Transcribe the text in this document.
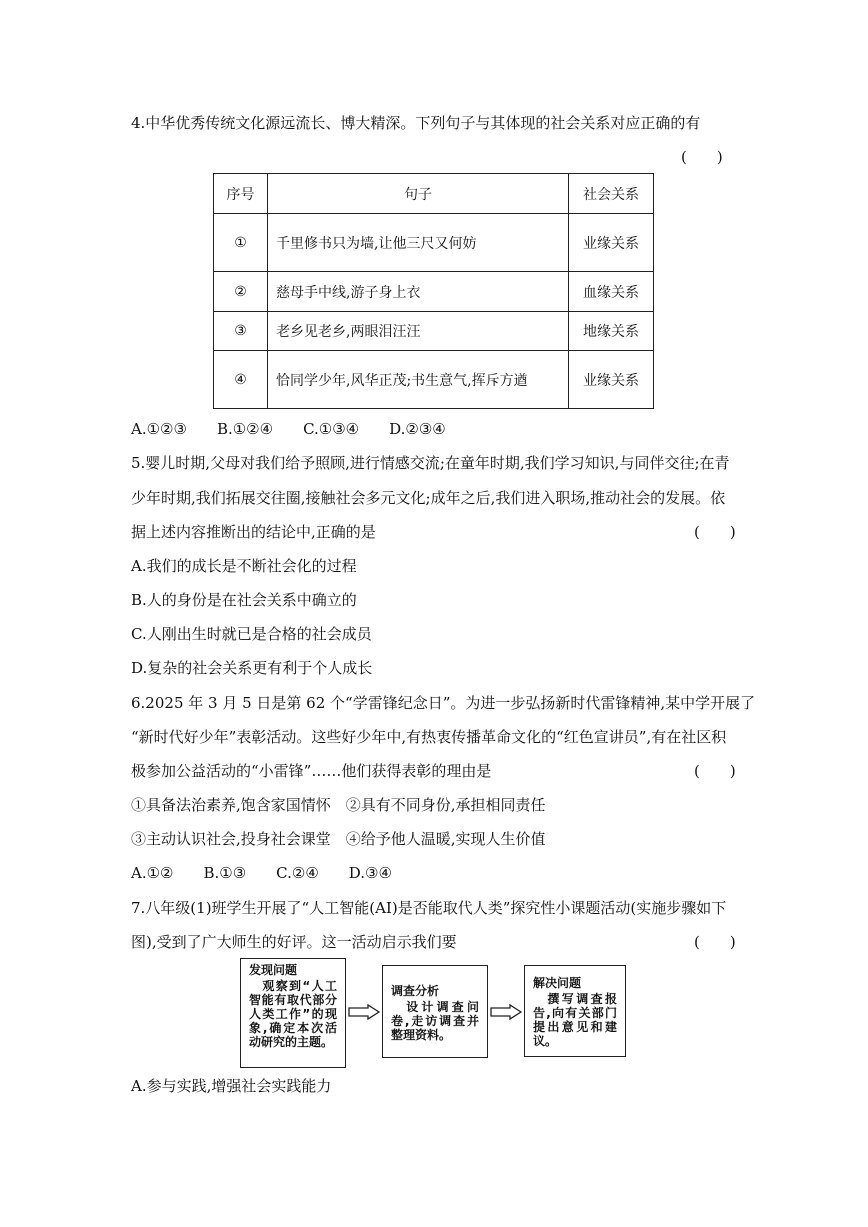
4.中华优秀传统文化源远流长、博大精深。下列句子与其体现的社会关系对应正确的有
(　　)
序号	句子	社会关系
①	千里修书只为墙,让他三尺又何妨	业缘关系
②	慈母手中线,游子身上衣	血缘关系
③	老乡见老乡,两眼泪汪汪	地缘关系
④	恰同学少年,风华正茂;书生意气,挥斥方遒	业缘关系
A.①②③　　B.①②④　　C.①③④　　D.②③④
5.婴儿时期,父母对我们给予照顾,进行情感交流;在童年时期,我们学习知识,与同伴交往;在青
少年时期,我们拓展交往圈,接触社会多元文化;成年之后,我们进入职场,推动社会的发展。依
据上述内容推断出的结论中,正确的是	(　　)
A.我们的成长是不断社会化的过程
B.人的身份是在社会关系中确立的
C.人刚出生时就已是合格的社会成员
D.复杂的社会关系更有利于个人成长
6.2025 年 3 月 5 日是第 62 个“学雷锋纪念日”。为进一步弘扬新时代雷锋精神,某中学开展了
“新时代好少年”表彰活动。这些好少年中,有热衷传播革命文化的“红色宣讲员”,有在社区积
极参加公益活动的“小雷锋”……他们获得表彰的理由是	(　　)
①具备法治素养,饱含家国情怀　②具有不同身份,承担相同责任
③主动认识社会,投身社会课堂　④给予他人温暖,实现人生价值
A.①②　　B.①③　　C.②④　　D.③④
7.八年级(1)班学生开展了“人工智能(AI)是否能取代人类”探究性小课题活动(实施步骤如下
图),受到了广大师生的好评。这一活动启示我们要	(　　)
发现问题
　观察到“人工智能有取代部分人类工作”的现象,确定本次活动研究的主题。
调查分析
　设计调查问卷,走访调查并整理资料。
解决问题
　撰写调查报告,向有关部门提出意见和建议。
A.参与实践,增强社会实践能力
